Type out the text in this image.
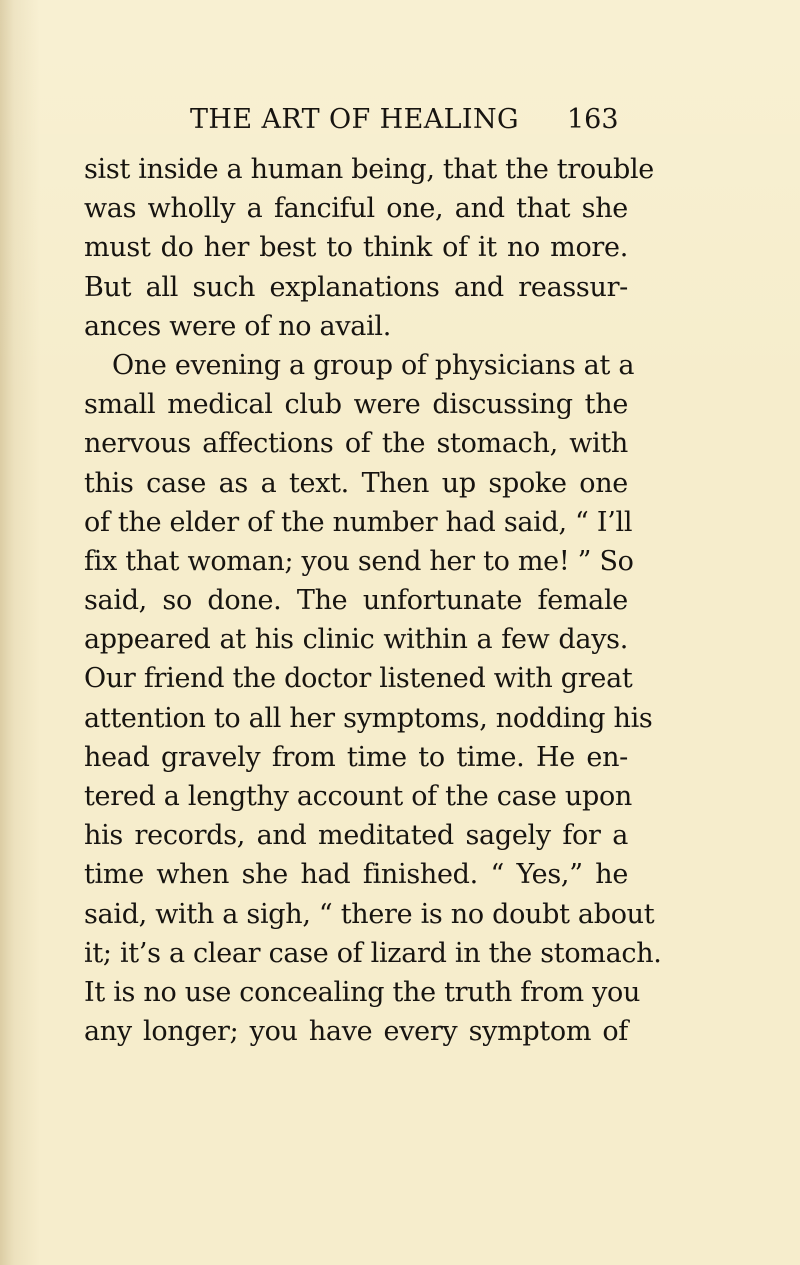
THE ART OF HEALING 163
sist inside a human being, that the trouble
was wholly a fanciful one, and that she
must do her best to think of it no more.
But all such explanations and reassur-
ances were of no avail.
One evening a group of physicians at a
small medical club were discussing the
nervous affections of the stomach, with
this case as a text. Then up spoke one
of the elder of the number had said, “ I’ll
fix that woman; you send her to me! ” So
said, so done. The unfortunate female
appeared at his clinic within a few days.
Our friend the doctor listened with great
attention to all her symptoms, nodding his
head gravely from time to time. He en-
tered a lengthy account of the case upon
his records, and meditated sagely for a
time when she had finished. “ Yes,” he
said, with a sigh, “ there is no doubt about
it; it’s a clear case of lizard in the stomach.
It is no use concealing the truth from you
any longer; you have every symptom of
